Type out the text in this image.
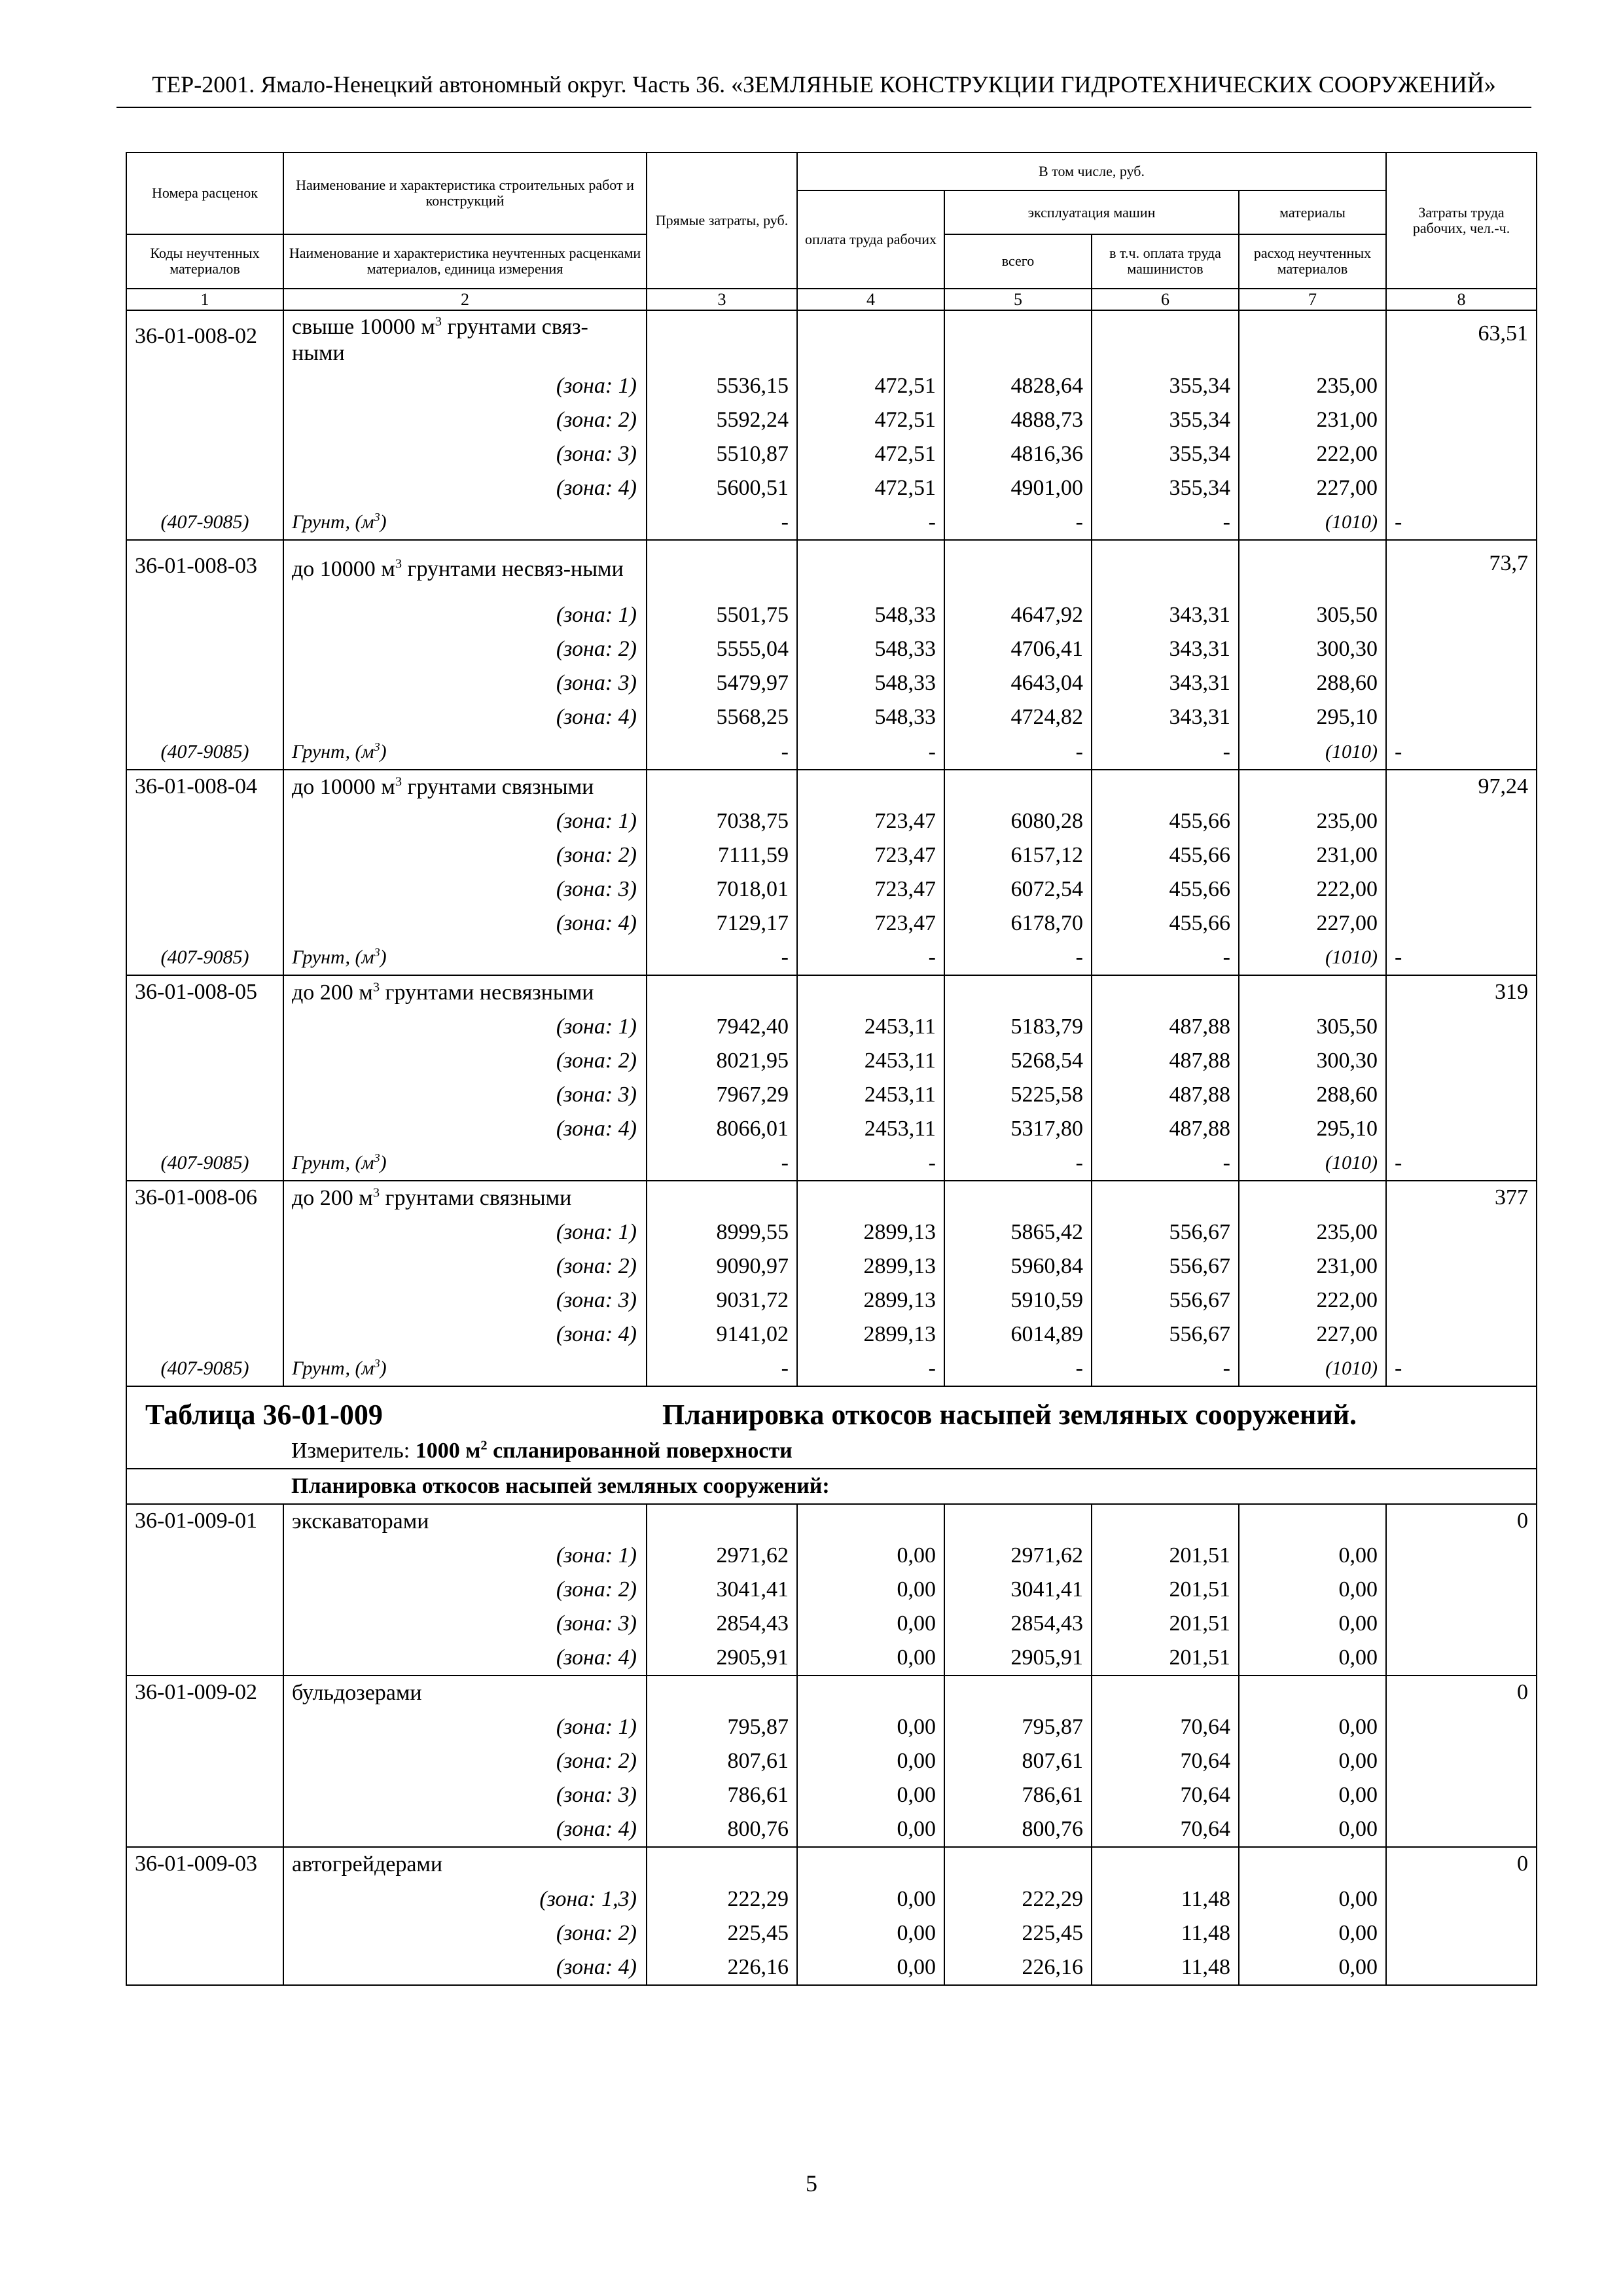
ТЕР-2001. Ямало-Ненецкий автономный округ. Часть 36. «ЗЕМЛЯНЫЕ КОНСТРУКЦИИ ГИДРОТЕХНИЧЕСКИХ СООРУЖЕНИЙ»
Номера расценок	Наименование и характеристика строительных работ и конструкций	Прямые затраты, руб.	В том числе, руб.				Затраты труда рабочих, чел.-ч.
			оплата труда рабочих	эксплуатация машин		материалы	
Коды неучтенных материалов	Наименование и характеристика неучтенных расценками материалов, единица измерения			всего	в т.ч. оплата труда машинистов	расход неучтенных материалов	
1	2	3	4	5	6	7	8
36-01-008-02	свыше 10000 $м^3$ грунтами связ-ными						63,51
	(зона: 1)	5536,15	472,51	4828,64	355,34	235,00	
	(зона: 2)	5592,24	472,51	4888,73	355,34	231,00	
	(зона: 3)	5510,87	472,51	4816,36	355,34	222,00	
	(зона: 4)	5600,51	472,51	4901,00	355,34	227,00	
(407-9085)	Грунт, $(м^3)$	-	-	-	-	(1010)	-
36-01-008-03	до 10000 $м^3$ грунтами несвяз-ными						73,7
	(зона: 1)	5501,75	548,33	4647,92	343,31	305,50	
	(зона: 2)	5555,04	548,33	4706,41	343,31	300,30	
	(зона: 3)	5479,97	548,33	4643,04	343,31	288,60	
	(зона: 4)	5568,25	548,33	4724,82	343,31	295,10	
(407-9085)	Грунт, $(м^3)$	-	-	-	-	(1010)	-
36-01-008-04	до 10000 $м^3$ грунтами связными						97,24
	(зона: 1)	7038,75	723,47	6080,28	455,66	235,00	
	(зона: 2)	7111,59	723,47	6157,12	455,66	231,00	
	(зона: 3)	7018,01	723,47	6072,54	455,66	222,00	
	(зона: 4)	7129,17	723,47	6178,70	455,66	227,00	
(407-9085)	Грунт, $(м^3)$	-	-	-	-	(1010)	-
36-01-008-05	до 200 $м^3$ грунтами несвязными						319
	(зона: 1)	7942,40	2453,11	5183,79	487,88	305,50	
	(зона: 2)	8021,95	2453,11	5268,54	487,88	300,30	
	(зона: 3)	7967,29	2453,11	5225,58	487,88	288,60	
	(зона: 4)	8066,01	2453,11	5317,80	487,88	295,10	
(407-9085)	Грунт, $(м^3)$	-	-	-	-	(1010)	-
36-01-008-06	до 200 $м^3$ грунтами связными						377
	(зона: 1)	8999,55	2899,13	5865,42	556,67	235,00	
	(зона: 2)	9090,97	2899,13	5960,84	556,67	231,00	
	(зона: 3)	9031,72	2899,13	5910,59	556,67	222,00	
	(зона: 4)	9141,02	2899,13	6014,89	556,67	227,00	
(407-9085)	Грунт, $(м^3)$	-	-	-	-	(1010)	-

Таблица 36-01-009 Планировка откосов насыпей земляных сооружений.							

	Измеритель: 1000 $м^2$ спланированной поверхности						
	Планировка откосов насыпей земляных сооружений:						
36-01-009-01	экскаваторами						0
	(зона: 1)	2971,62	0,00	2971,62	201,51	0,00	
	(зона: 2)	3041,41	0,00	3041,41	201,51	0,00	
	(зона: 3)	2854,43	0,00	2854,43	201,51	0,00	
	(зона: 4)	2905,91	0,00	2905,91	201,51	0,00	
36-01-009-02	бульдозерами						0
	(зона: 1)	795,87	0,00	795,87	70,64	0,00	
	(зона: 2)	807,61	0,00	807,61	70,64	0,00	
	(зона: 3)	786,61	0,00	786,61	70,64	0,00	
	(зона: 4)	800,76	0,00	800,76	70,64	0,00	
36-01-009-03	автогрейдерами						0
	(зона: 1,3)	222,29	0,00	222,29	11,48	0,00	
	(зона: 2)	225,45	0,00	225,45	11,48	0,00	
	(зона: 4)	226,16	0,00	226,16	11,48	0,00	
5
